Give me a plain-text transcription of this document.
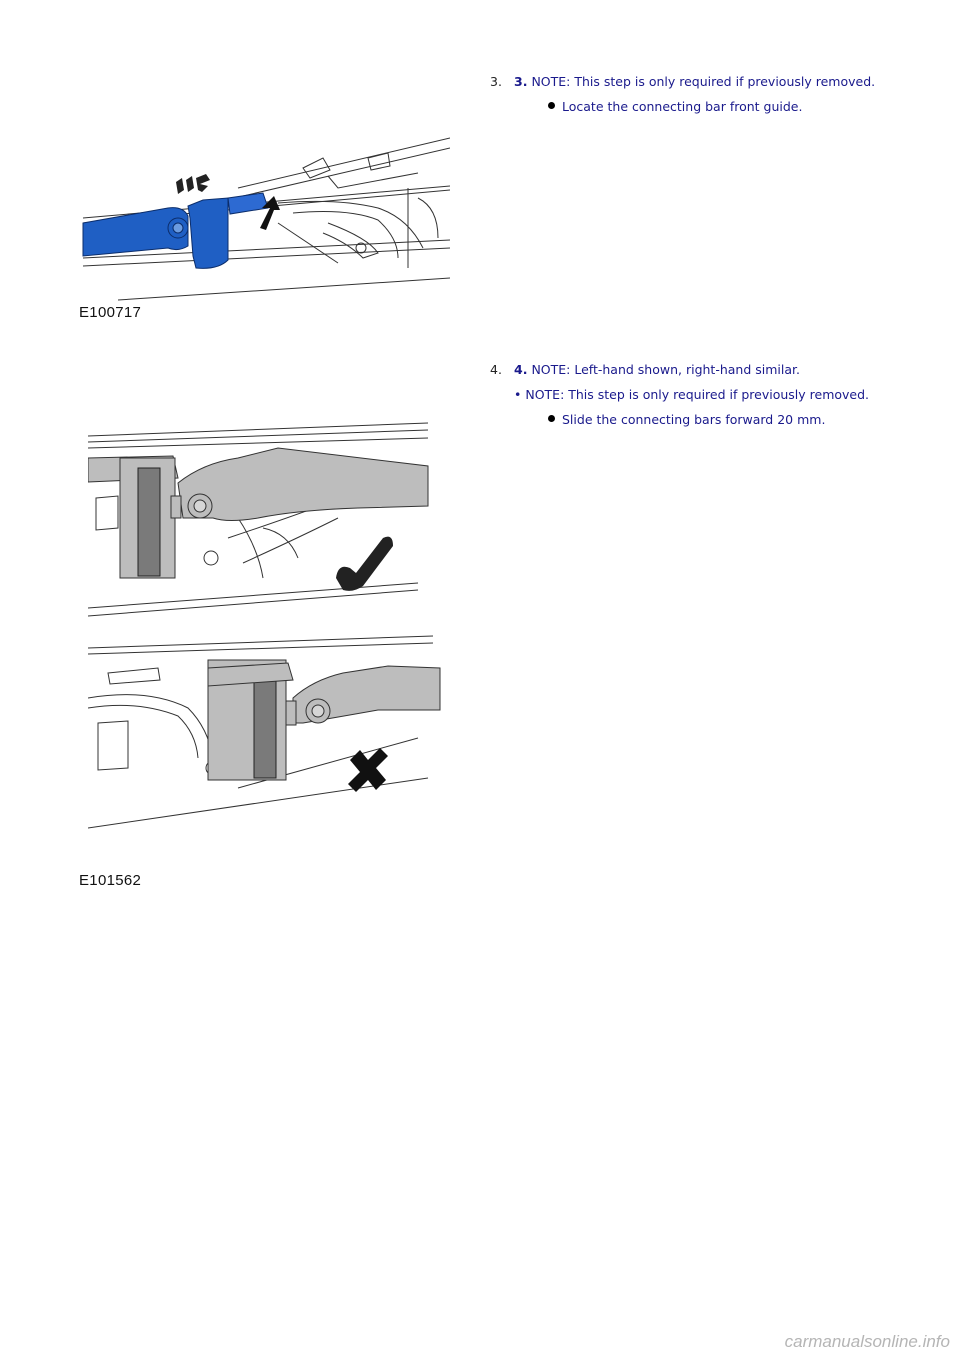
E100717
3. 3. NOTE: This step is only required if previously removed.
Locate the connecting bar front guide.
E101562
4. 4. NOTE: Left-hand shown, right-hand similar.
• NOTE: This step is only required if previously removed.
Slide the connecting bars forward 20 mm.
carmanualsonline.info
